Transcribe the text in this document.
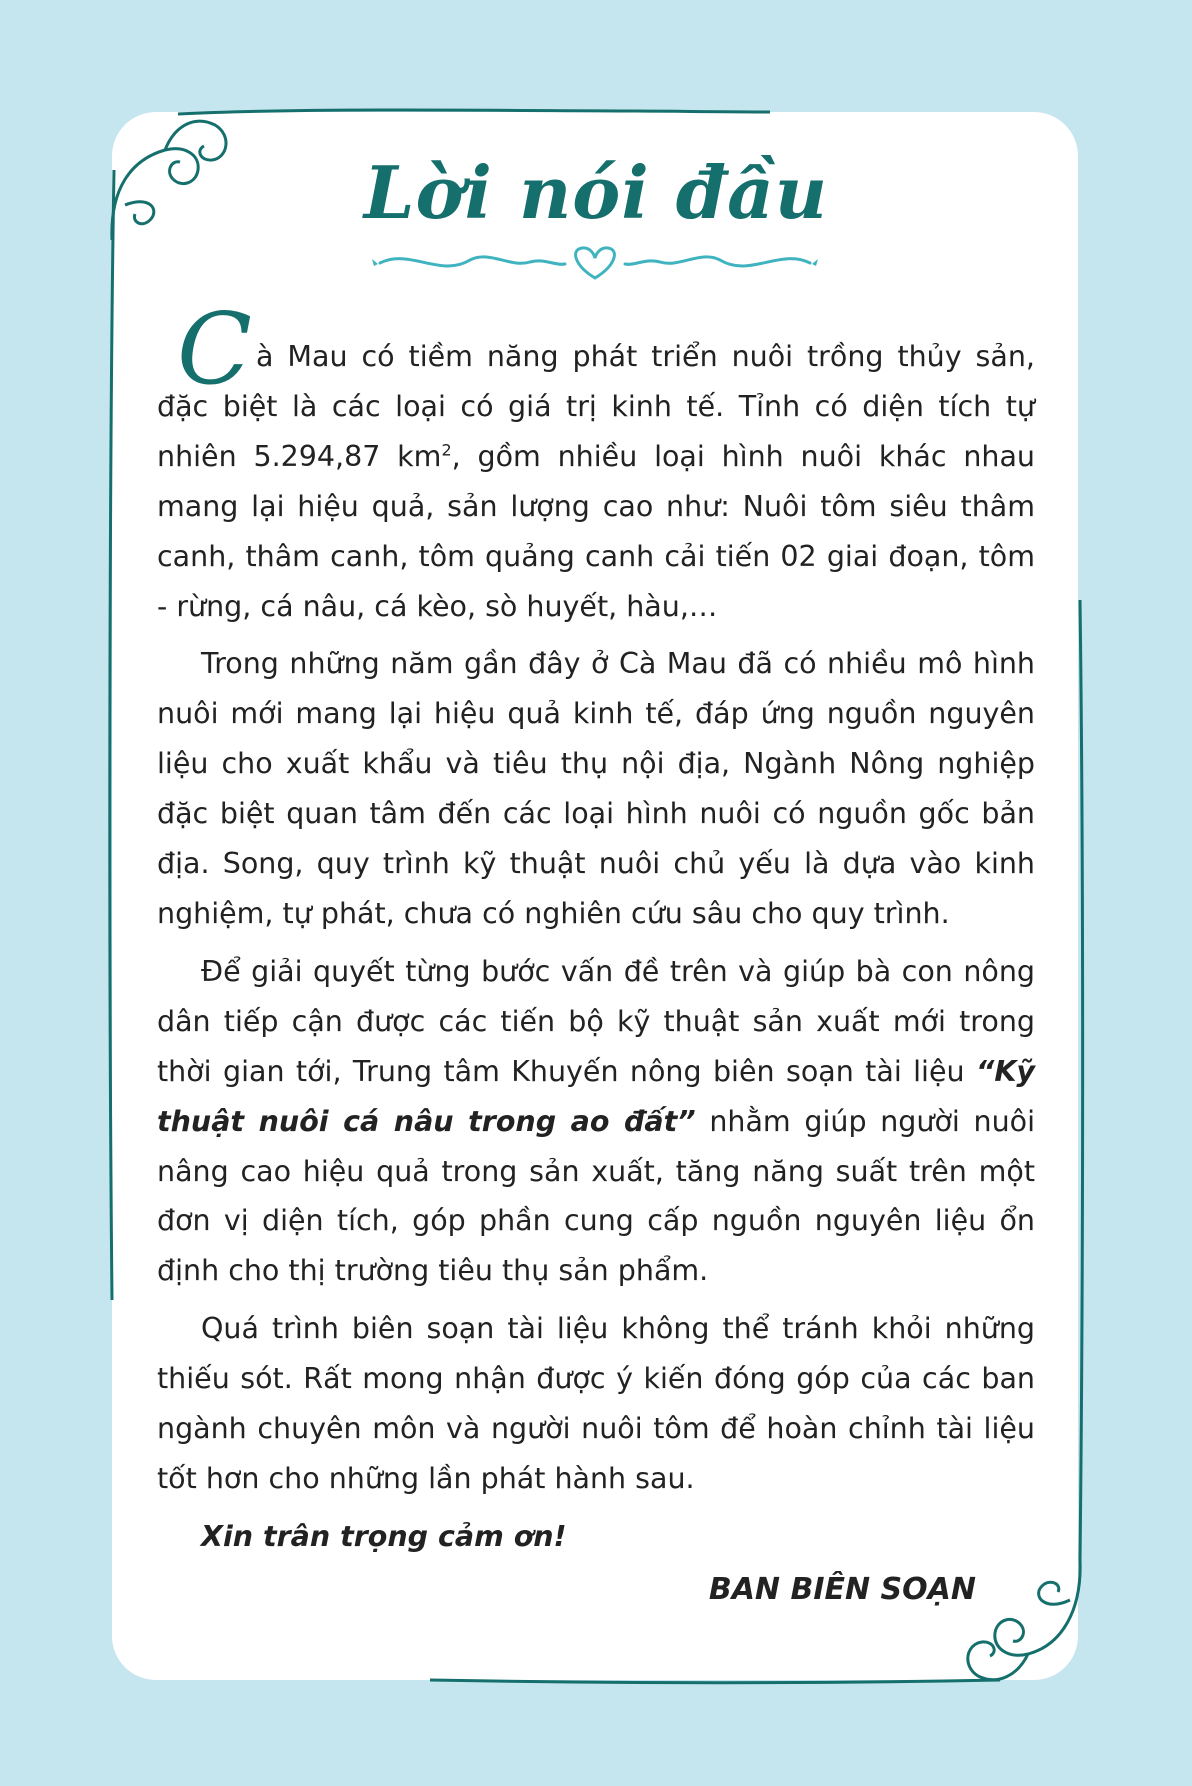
Lời nói đầu

Cà Mau có tiềm năng phát triển nuôi trồng thủy sản, đặc biệt là các loại có giá trị kinh tế. Tỉnh có diện tích tự nhiên 5.294,87 $km^2$, gồm nhiều loại hình nuôi khác nhau mang lại hiệu quả, sản lượng cao như: Nuôi tôm siêu thâm canh, thâm canh, tôm quảng canh cải tiến 02 giai đoạn, tôm - rừng, cá nâu, cá kèo, sò huyết, hàu,…

Trong những năm gần đây ở Cà Mau đã có nhiều mô hình nuôi mới mang lại hiệu quả kinh tế, đáp ứng nguồn nguyên liệu cho xuất khẩu và tiêu thụ nội địa, Ngành Nông nghiệp đặc biệt quan tâm đến các loại hình nuôi có nguồn gốc bản địa. Song, quy trình kỹ thuật nuôi chủ yếu là dựa vào kinh nghiệm, tự phát, chưa có nghiên cứu sâu cho quy trình.

Để giải quyết từng bước vấn đề trên và giúp bà con nông dân tiếp cận được các tiến bộ kỹ thuật sản xuất mới trong thời gian tới, Trung tâm Khuyến nông biên soạn tài liệu “Kỹ thuật nuôi cá nâu trong ao đất” nhằm giúp người nuôi nâng cao hiệu quả trong sản xuất, tăng năng suất trên một đơn vị diện tích, góp phần cung cấp nguồn nguyên liệu ổn định cho thị trường tiêu thụ sản phẩm.

Quá trình biên soạn tài liệu không thể tránh khỏi những thiếu sót. Rất mong nhận được ý kiến đóng góp của các ban ngành chuyên môn và người nuôi tôm để hoàn chỉnh tài liệu tốt hơn cho những lần phát hành sau.

Xin trân trọng cảm ơn!

BAN BIÊN SOẠN
